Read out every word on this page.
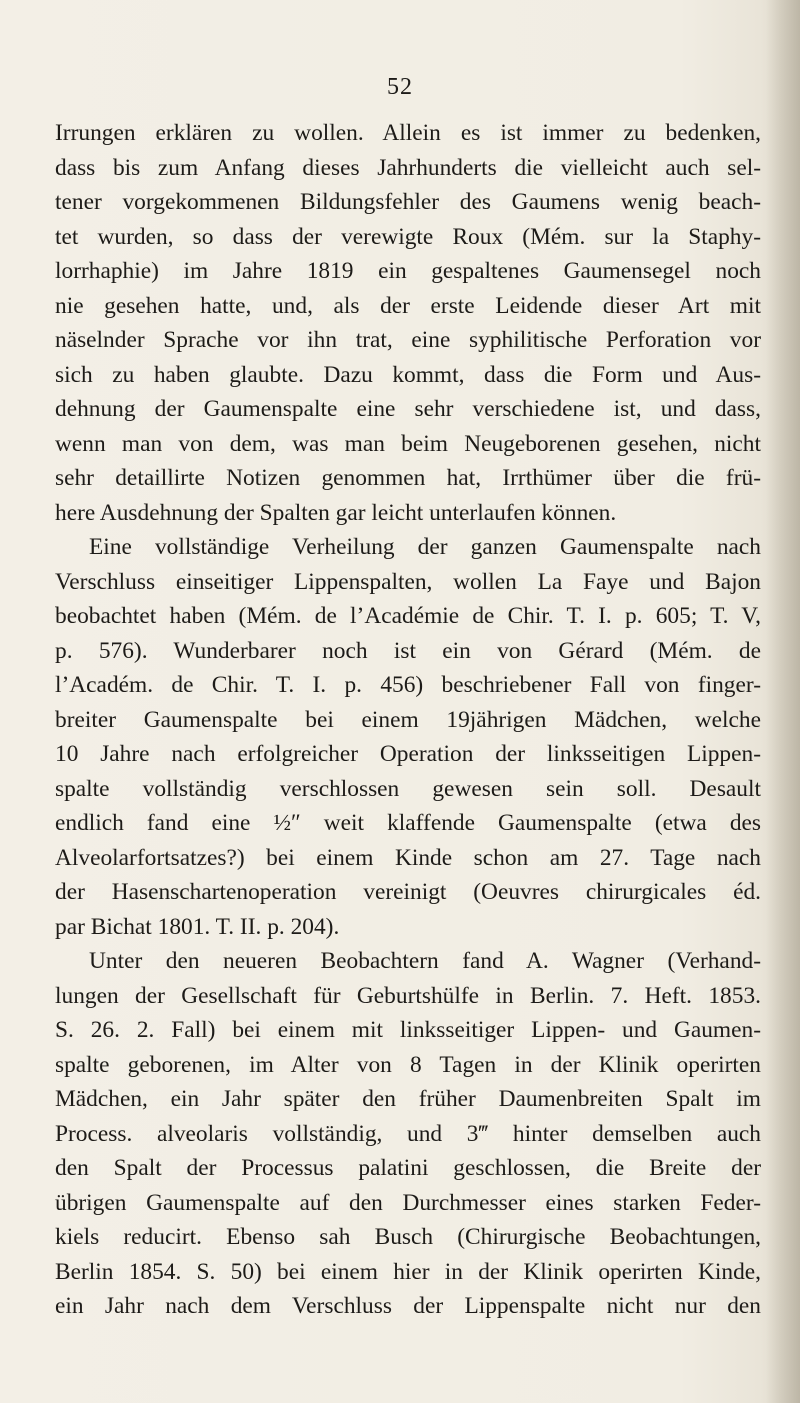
52
Irrungen erklären zu wollen. Allein es ist immer zu bedenken,
dass bis zum Anfang dieses Jahrhunderts die vielleicht auch sel-
tener vorgekommenen Bildungsfehler des Gaumens wenig beach-
tet wurden, so dass der verewigte Roux (Mém. sur la Staphy-
lorrhaphie) im Jahre 1819 ein gespaltenes Gaumensegel noch
nie gesehen hatte, und, als der erste Leidende dieser Art mit
näselnder Sprache vor ihn trat, eine syphilitische Perforation vor
sich zu haben glaubte. Dazu kommt, dass die Form und Aus-
dehnung der Gaumenspalte eine sehr verschiedene ist, und dass,
wenn man von dem, was man beim Neugeborenen gesehen, nicht
sehr detaillirte Notizen genommen hat, Irrthümer über die frü-
here Ausdehnung der Spalten gar leicht unterlaufen können.
Eine vollständige Verheilung der ganzen Gaumenspalte nach
Verschluss einseitiger Lippenspalten, wollen La Faye und Bajon
beobachtet haben (Mém. de l’Académie de Chir. T. I. p. 605; T. V,
p. 576). Wunderbarer noch ist ein von Gérard (Mém. de
l’Académ. de Chir. T. I. p. 456) beschriebener Fall von finger-
breiter Gaumenspalte bei einem 19jährigen Mädchen, welche
10 Jahre nach erfolgreicher Operation der linksseitigen Lippen-
spalte vollständig verschlossen gewesen sein soll. Desault
endlich fand eine ½″ weit klaffende Gaumenspalte (etwa des
Alveolarfortsatzes?) bei einem Kinde schon am 27. Tage nach
der Hasenschartenoperation vereinigt (Oeuvres chirurgicales éd.
par Bichat 1801. T. II. p. 204).
Unter den neueren Beobachtern fand A. Wagner (Verhand-
lungen der Gesellschaft für Geburtshülfe in Berlin. 7. Heft. 1853.
S. 26. 2. Fall) bei einem mit linksseitiger Lippen- und Gaumen-
spalte geborenen, im Alter von 8 Tagen in der Klinik operirten
Mädchen, ein Jahr später den früher Daumenbreiten Spalt im
Process. alveolaris vollständig, und 3‴ hinter demselben auch
den Spalt der Processus palatini geschlossen, die Breite der
übrigen Gaumenspalte auf den Durchmesser eines starken Feder-
kiels reducirt. Ebenso sah Busch (Chirurgische Beobachtungen,
Berlin 1854. S. 50) bei einem hier in der Klinik operirten Kinde,
ein Jahr nach dem Verschluss der Lippenspalte nicht nur den
